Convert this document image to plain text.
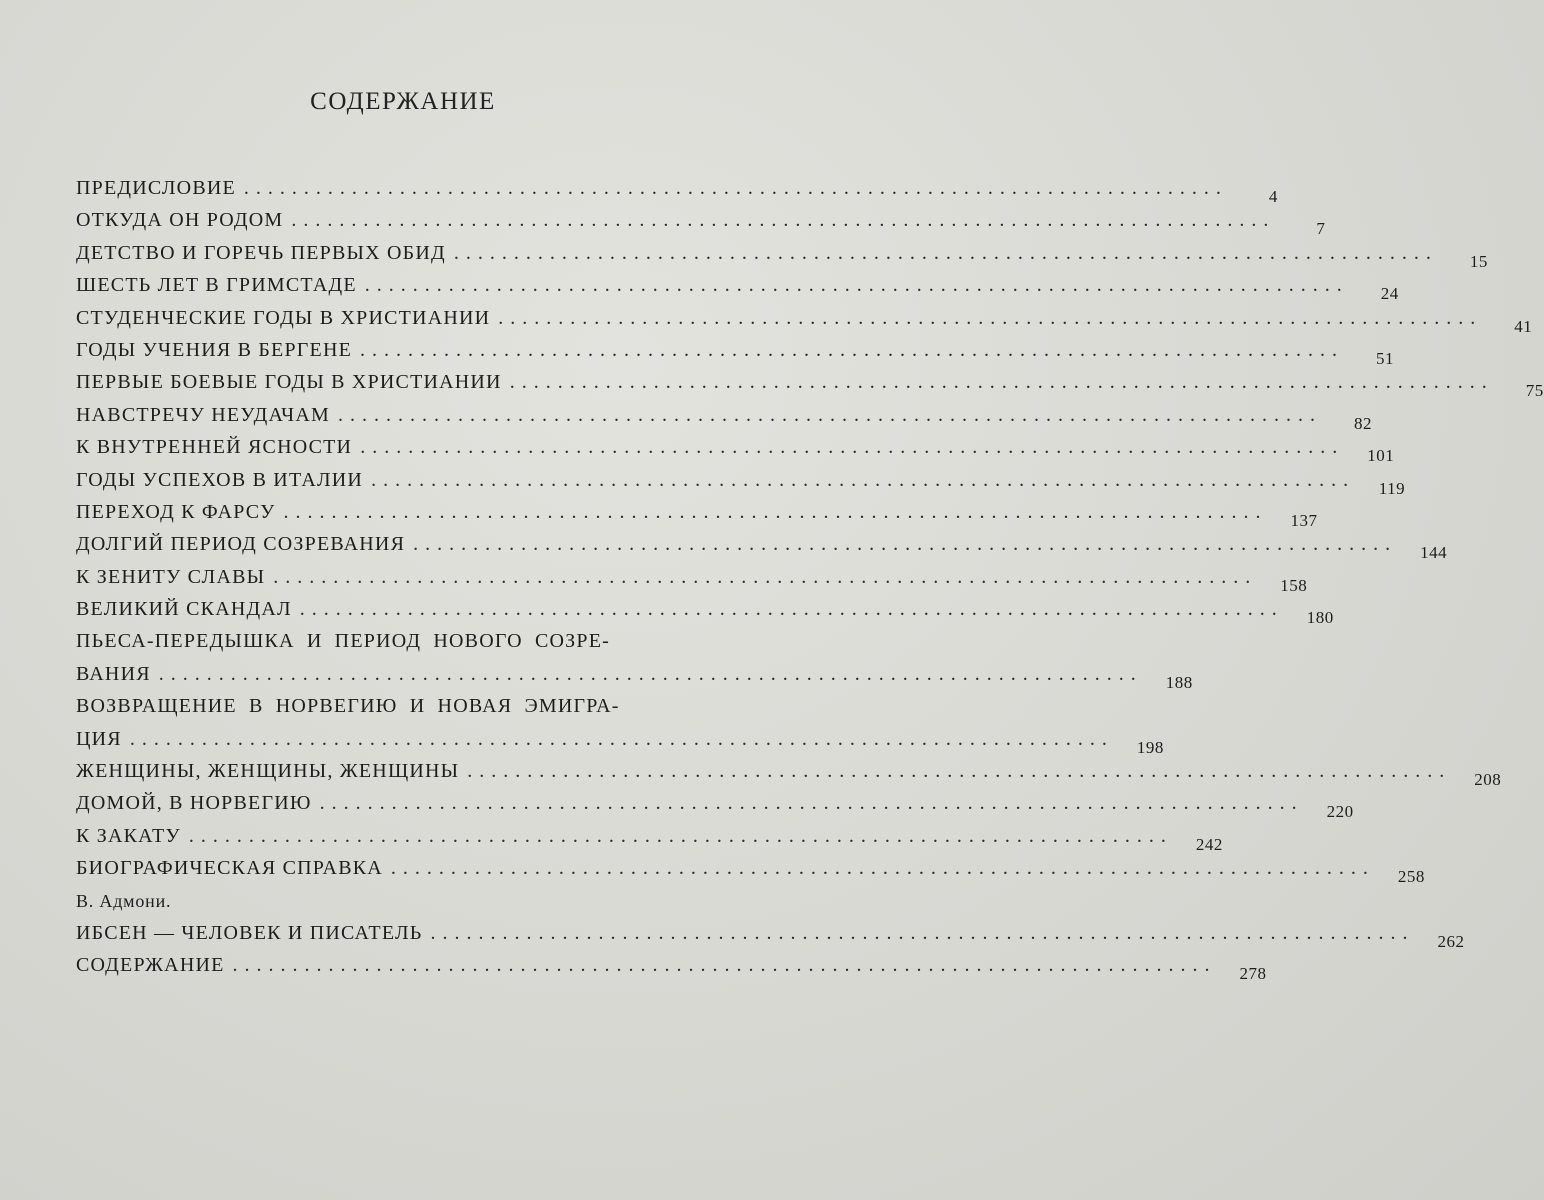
СОДЕРЖАНИЕ
ПРЕДИСЛОВИЕ ..................................................................................	4
ОТКУДА ОН РОДОМ ..................................................................................	7
ДЕТСТВО И ГОРЕЧЬ ПЕРВЫХ ОБИД ..................................................................................	15
ШЕСТЬ ЛЕТ В ГРИМСТАДЕ ..................................................................................	24
СТУДЕНЧЕСКИЕ ГОДЫ В ХРИСТИАНИИ ..................................................................................	41
ГОДЫ УЧЕНИЯ В БЕРГЕНЕ ..................................................................................	51
ПЕРВЫЕ БОЕВЫЕ ГОДЫ В ХРИСТИАНИИ ..................................................................................	75
НАВСТРЕЧУ НЕУДАЧАМ ..................................................................................	82
К ВНУТРЕННЕЙ ЯСНОСТИ ..................................................................................	101
ГОДЫ УСПЕХОВ В ИТАЛИИ ..................................................................................	119
ПЕРЕХОД К ФАРСУ ..................................................................................	137
ДОЛГИЙ ПЕРИОД СОЗРЕВАНИЯ ..................................................................................	144
К ЗЕНИТУ СЛАВЫ ..................................................................................	158
ВЕЛИКИЙ СКАНДАЛ ..................................................................................	180
ПЬЕСА-ПЕРЕДЫШКА И ПЕРИОД НОВОГО СОЗРЕ-
ВАНИЯ ..................................................................................	188
ВОЗВРАЩЕНИЕ В НОРВЕГИЮ И НОВАЯ ЭМИГРА-
ЦИЯ ..................................................................................	198
ЖЕНЩИНЫ, ЖЕНЩИНЫ, ЖЕНЩИНЫ ..................................................................................	208
ДОМОЙ, В НОРВЕГИЮ ..................................................................................	220
К ЗАКАТУ ..................................................................................	242
БИОГРАФИЧЕСКАЯ СПРАВКА ..................................................................................	258
В. Адмони.
ИБСЕН — ЧЕЛОВЕК И ПИСАТЕЛЬ ..................................................................................	262
СОДЕРЖАНИЕ ..................................................................................	278
